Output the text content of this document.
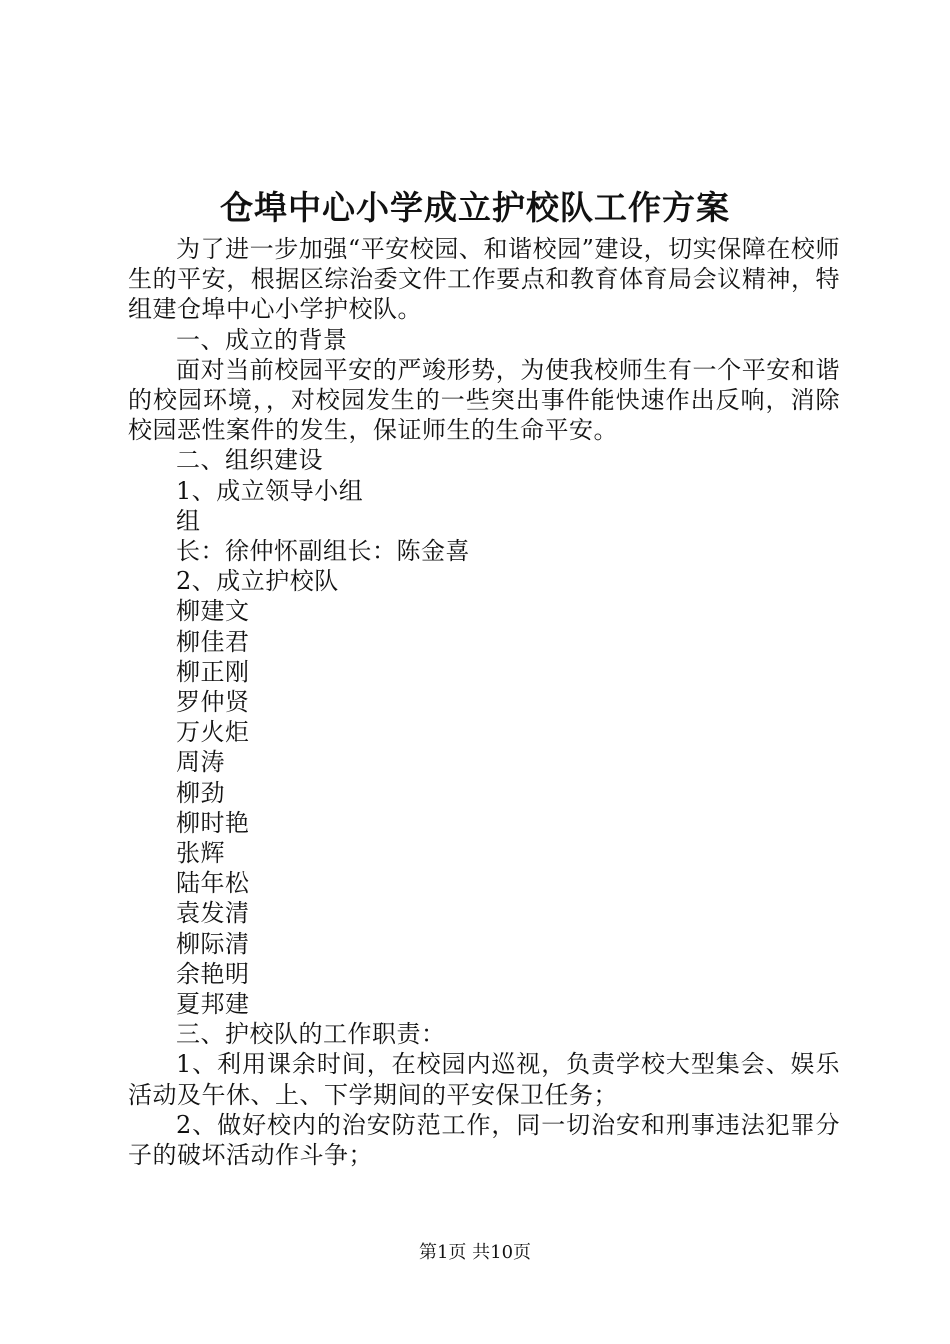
仓埠中心小学成立护校队工作方案

为了进一步加强“平安校园、和谐校园”建设，切实保障在校师生的平安，根据区综治委文件工作要点和教育体育局会议精神，特组建仓埠中心小学护校队。

一、成立的背景

面对当前校园平安的严竣形势，为使我校师生有一个平安和谐的校园环境，，对校园发生的一些突出事件能快速作出反响，消除校园恶性案件的发生，保证师生的生命平安。

二、组织建设

1、成立领导小组

组

长：徐仲怀副组长：陈金喜

2、成立护校队

柳建文

柳佳君

柳正刚

罗仲贤

万火炬

周涛

柳劲

柳时艳

张辉

陆年松

袁发清

柳际清

余艳明

夏邦建

三、护校队的工作职责：

1、利用课余时间，在校园内巡视，负责学校大型集会、娱乐活动及午休、上、下学期间的平安保卫任务；

2、做好校内的治安防范工作，同一切治安和刑事违法犯罪分子的破坏活动作斗争；

第1页 共10页
